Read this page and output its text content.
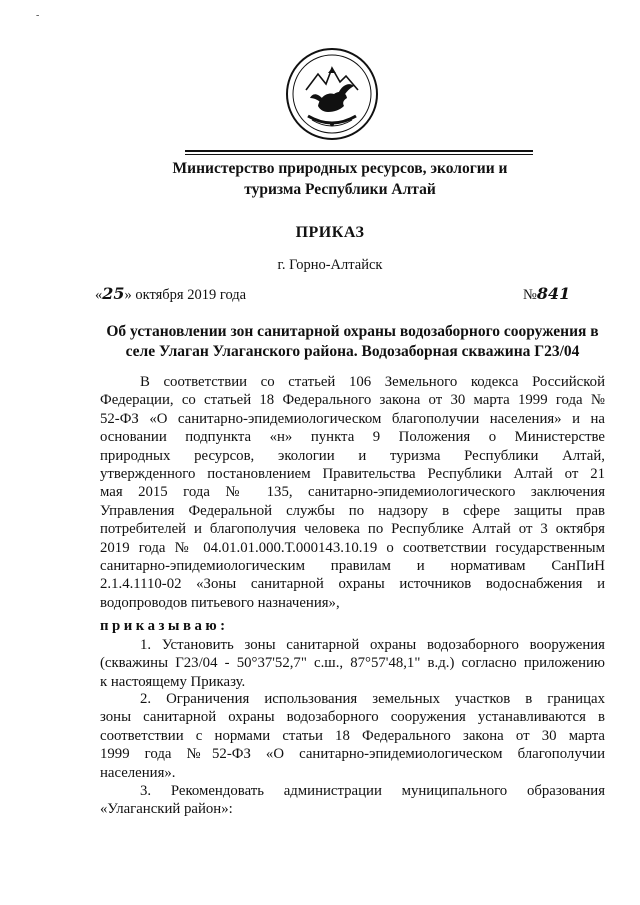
-
Министерство природных ресурсов, экологии и
туризма Республики Алтай
ПРИКАЗ
г. Горно-Алтайск
«25» октября 2019 года	№841
Об установлении зон санитарной охраны водозаборного сооружения в
селе Улаган Улаганского района. Водозаборная скважина Г23/04
В соответствии со статьей 106 Земельного кодекса Российской
Федерации, со статьей 18 Федерального закона от 30 марта 1999 года №
52-ФЗ «О санитарно-эпидемиологическом благополучии населения» и на
основании подпункта «н» пункта 9 Положения о Министерстве
природных ресурсов, экологии и туризма Республики Алтай,
утвержденного постановлением Правительства Республики Алтай от 21
мая 2015 года № 135, санитарно-эпидемиологического заключения
Управления Федеральной службы по надзору в сфере защиты прав
потребителей и благополучия человека по Республике Алтай от 3 октября
2019 года № 04.01.01.000.Т.000143.10.19 о соответствии государственным
санитарно-эпидемиологическим правилам и нормативам СанПиН
2.1.4.1110-02 «Зоны санитарной охраны источников водоснабжения и
водопроводов питьевого назначения»,
приказываю:
1. Установить зоны санитарной охраны водозаборного вооружения
(скважины Г23/04 - 50°37'52,7" с.ш., 87°57'48,1" в.д.) согласно приложению
к настоящему Приказу.
2. Ограничения использования земельных участков в границах
зоны санитарной охраны водозаборного сооружения устанавливаются в
соответствии с нормами статьи 18 Федерального закона от 30 марта
1999 года №52-ФЗ «О санитарно-эпидемиологическом благополучии
населения».
3. Рекомендовать администрации муниципального образования
«Улаганский район»:
